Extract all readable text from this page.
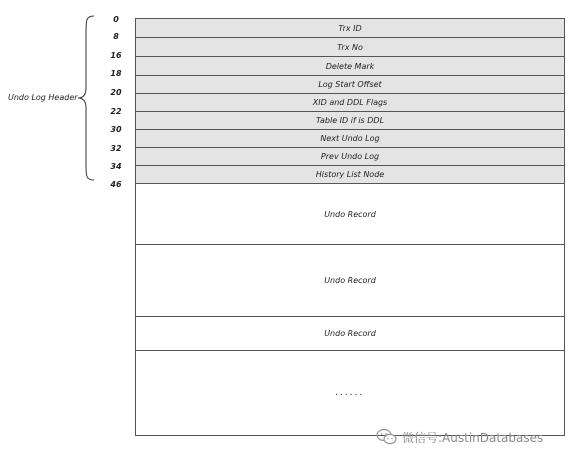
Undo Log Header
0
8
16
18
20
22
30
32
34
46
Trx ID
Trx No
Delete Mark
Log Start Offset
XID and DDL Flags
Table ID if is DDL
Next Undo Log
Prev Undo Log
History List Node
Undo Record
Undo Record
Undo Record
......
微信号:AustinDatabases
